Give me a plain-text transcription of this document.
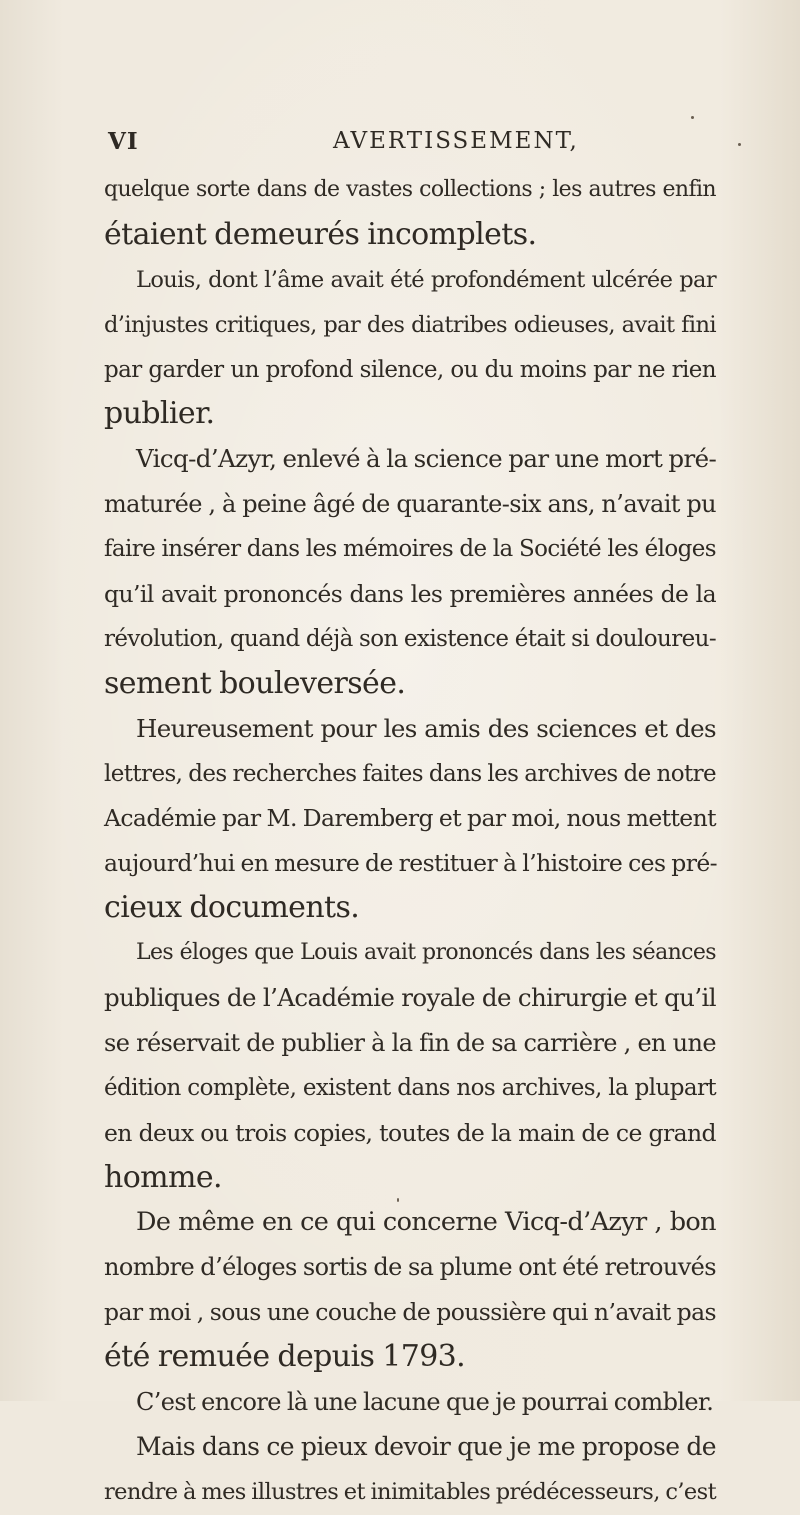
VI	AVERTISSEMENT,
quelque sorte dans de vastes collections ; les autres enfin
étaient demeurés incomplets.
Louis, dont l’âme avait été profondément ulcérée par
d’injustes critiques, par des diatribes odieuses, avait fini
par garder un profond silence, ou du moins par ne rien
publier.
Vicq-d’Azyr, enlevé à la science par une mort pré-
maturée , à peine âgé de quarante-six ans, n’avait pu
faire insérer dans les mémoires de la Société les éloges
qu’il avait prononcés dans les premières années de la
révolution, quand déjà son existence était si douloureu-
sement bouleversée.
Heureusement pour les amis des sciences et des
lettres, des recherches faites dans les archives de notre
Académie par M. Daremberg et par moi, nous mettent
aujourd’hui en mesure de restituer à l’histoire ces pré-
cieux documents.
Les éloges que Louis avait prononcés dans les séances
publiques de l’Académie royale de chirurgie et qu’il
se réservait de publier à la fin de sa carrière , en une
édition complète, existent dans nos archives, la plupart
en deux ou trois copies, toutes de la main de ce grand
homme.
De même en ce qui concerne Vicq-d’Azyr , bon
nombre d’éloges sortis de sa plume ont été retrouvés
par moi , sous une couche de poussière qui n’avait pas
été remuée depuis 1793.
C’est encore là une lacune que je pourrai combler.
Mais dans ce pieux devoir que je me propose de
rendre à mes illustres et inimitables prédécesseurs, c’est
